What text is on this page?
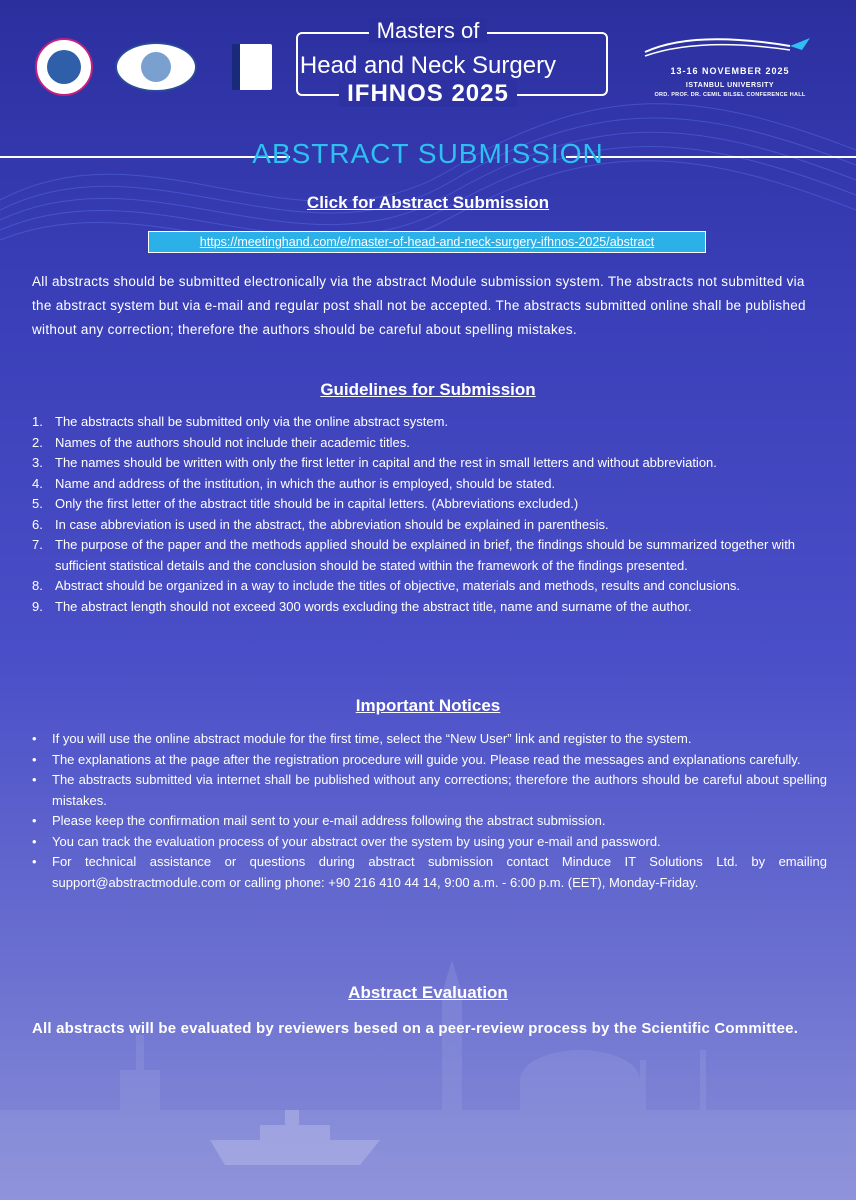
Masters of
Head and Neck Surgery
IFHNOS 2025
13-16 NOVEMBER 2025
ISTANBUL UNIVERSITY
ORD. PROF. DR. CEMIL BILSEL CONFERENCE HALL
ABSTRACT SUBMISSION
Click for Abstract Submission
https://meetinghand.com/e/master-of-head-and-neck-surgery-ifhnos-2025/abstract
All abstracts should be submitted electronically via the abstract Module submission system. The abstracts not submitted via the abstract system but via e-mail and regular post shall not be accepted. The abstracts submitted online shall be published without any correction; therefore the authors should be careful about spelling mistakes.
Guidelines for Submission
1. The abstracts shall be submitted only via the online abstract system.
2. Names of the authors should not include their academic titles.
3. The names should be written with only the first letter in capital and the rest in small letters and without abbreviation.
4. Name and address of the institution, in which the author is employed, should be stated.
5. Only the first letter of the abstract title should be in capital letters. (Abbreviations excluded.)
6. In case abbreviation is used in the abstract, the abbreviation should be explained in parenthesis.
7. The purpose of the paper and the methods applied should be explained in brief, the findings should be summarized together with sufficient statistical details and the conclusion should be stated within the framework of the findings presented.
8. Abstract should be organized in a way to include the titles of objective, materials and methods, results and conclusions.
9. The abstract length should not exceed 300 words excluding the abstract title, name and surname of the author.
Important Notices
• If you will use the online abstract module for the first time, select the “New User” link and register to the system.
• The explanations at the page after the registration procedure will guide you. Please read the messages and explanations carefully.
• The abstracts submitted via internet shall be published without any corrections; therefore the authors should be careful about spelling mistakes.
• Please keep the confirmation mail sent to your e-mail address following the abstract submission.
• You can track the evaluation process of your abstract over the system by using your e-mail and password.
• For technical assistance or questions during abstract submission contact Minduce IT Solutions Ltd. by emailing support@abstractmodule.com or calling phone: +90 216 410 44 14, 9:00 a.m. - 6:00 p.m. (EET), Monday-Friday.
Abstract Evaluation
All abstracts will be evaluated by reviewers besed on a peer-review process by the Scientific Committee.
